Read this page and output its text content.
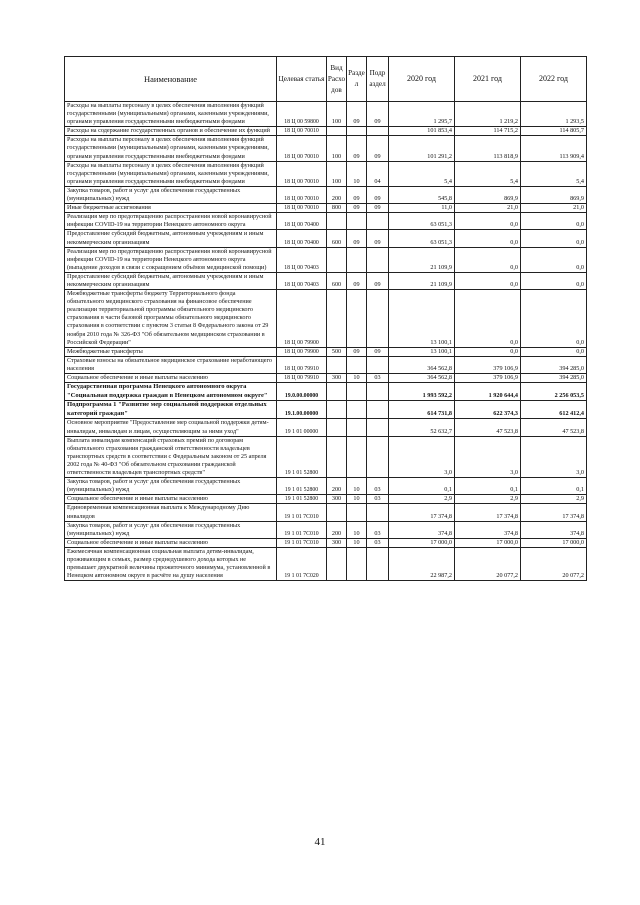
Наименование	Целевая статья	Вид Расхо дов	Разде л	Подр аздел	2020 год	2021 год	2022 год
Расходы на выплаты персоналу в целях обеспечения выполнения функций государственными (муниципальными) органами, казенными учреждениями, органами управления государственными внебюджетными фондами	18 Ц 00 59800	100	09	09	1 295,7	1 219,2	1 293,5
Расходы на содержание государственных органов и обеспечение их функций	18 Ц 00 70010				101 853,4	114 715,2	114 805,7
Расходы на выплаты персоналу в целях обеспечения выполнения функций государственными (муниципальными) органами, казенными учреждениями, органами управления государственными внебюджетными фондами	18 Ц 00 70010	100	09	09	101 291,2	113 818,9	113 909,4
Расходы на выплаты персоналу в целях обеспечения выполнения функций государственными (муниципальными) органами, казенными учреждениями, органами управления государственными внебюджетными фондами	18 Ц 00 70010	100	10	04	5,4	5,4	5,4
Закупка товаров, работ и услуг для обеспечения государственных (муниципальных) нужд	18 Ц 00 70010	200	09	09	545,8	869,9	869,9
Иные бюджетные ассигнования	18 Ц 00 70010	800	09	09	11,0	21,0	21,0
Реализация мер по предотвращению распространения новой коронавирусной инфекции COVID-19 на территории Ненецкого автономного округа	18 Ц 00 70400				63 051,3	0,0	0,0
Предоставление субсидий бюджетным, автономным учреждениям и иным некоммерческим организациям	18 Ц 00 70400	600	09	09	63 051,3	0,0	0,0
Реализация мер по предотвращению распространения новой коронавирусной инфекции COVID-19 на территории Ненецкого автономного округа (выпадение доходов в связи с сокращением объёмов медицинской помощи)	18 Ц 00 70403				21 109,9	0,0	0,0
Предоставление субсидий бюджетным, автономным учреждениям и иным некоммерческим организациям	18 Ц 00 70403	600	09	09	21 109,9	0,0	0,0
Межбюджетные трансферты бюджету Территориального фонда обязательного медицинского страхования на финансовое обеспечение реализации территориальной программы обязательного медицинского страхования в части базовой программы обязательного медицинского страхования в соответствии с пунктом 3 статьи 8 Федерального закона от 29 ноября 2010 года № 326-ФЗ "Об обязательном медицинском страховании в Российской Федерации"	18 Ц 00 79900				13 100,1	0,0	0,0
Межбюджетные трансферты	18 Ц 00 79900	500	09	09	13 100,1	0,0	0,0
Страховые взносы на обязательное медицинское страхование неработающего населения	18 Ц 00 79910				364 562,8	379 106,9	394 285,0
Социальное обеспечение и иные выплаты населению	18 Ц 00 79910	300	10	03	364 562,8	379 106,9	394 285,0
Государственная программа Ненецкого автономного округа "Социальная поддержка граждан в Ненецком автономном округе"	19.0.00.00000				1 993 592,2	1 920 644,4	2 256 053,5
Подпрограмма 1 "Развитие мер социальной поддержки отдельных категорий граждан"	19.1.00.00000				614 731,8	622 374,3	612 412,4
Основное мероприятие "Предоставление мер социальной поддержки детям-инвалидам, инвалидам и лицам, осуществляющим за ними уход"	19 1 01 00000				52 632,7	47 523,8	47 523,8
Выплата инвалидам компенсаций страховых премий по договорам обязательного страхования гражданской ответственности владельцев транспортных средств в соответствии с Федеральным законом от 25 апреля 2002 года № 40-ФЗ "Об обязательном страховании гражданской ответственности владельцев транспортных средств"	19 1 01 52800				3,0	3,0	3,0
Закупка товаров, работ и услуг для обеспечения государственных (муниципальных) нужд	19 1 01 52800	200	10	03	0,1	0,1	0,1
Социальное обеспечение и иные выплаты населению	19 1 01 52800	300	10	03	2,9	2,9	2,9
Единовременная компенсационная выплата к Международному Дню инвалидов	19 1 01 7С010				17 374,8	17 374,8	17 374,8
Закупка товаров, работ и услуг для обеспечения государственных (муниципальных) нужд	19 1 01 7С010	200	10	03	374,8	374,8	374,8
Социальное обеспечение и иные выплаты населению	19 1 01 7С010	300	10	03	17 000,0	17 000,0	17 000,0
Ежемесячная компенсационная социальная выплата детям-инвалидам, проживающим в семьях, размер среднедушевого дохода которых не превышает двукратной величины прожиточного минимума, установленной в Ненецком автономном округе в расчёте на душу населения	19 1 01 7С020				22 987,2	20 077,2	20 077,2
41
